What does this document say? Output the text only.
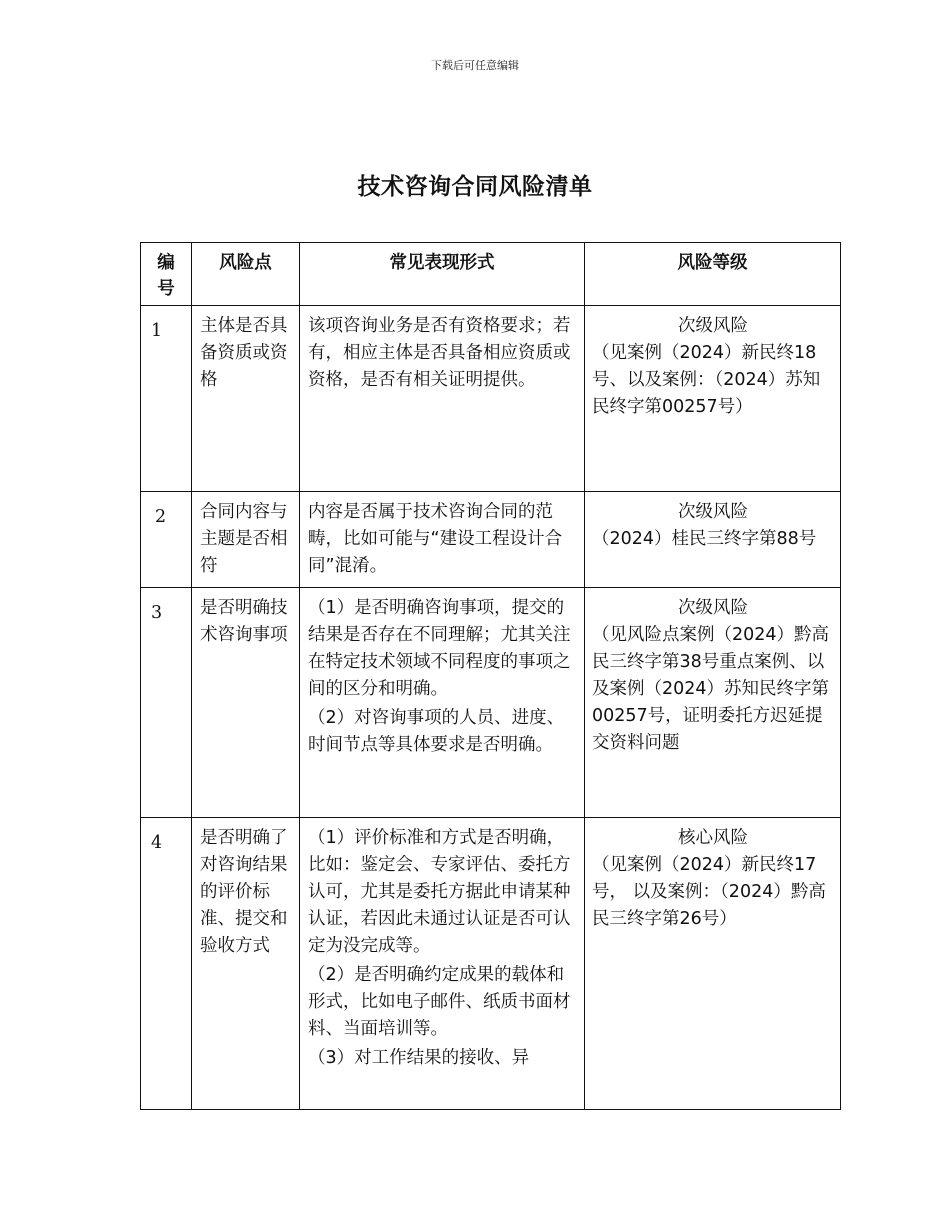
下载后可任意编辑
技术咨询合同风险清单
编号	风险点	常见表现形式	风险等级
1	主体是否具备资质或资格	该项咨询业务是否有资格要求；若有，相应主体是否具备相应资质或资格，是否有相关证明提供。	次级风险
（见案例（2024）新民终18号、以及案例：（2024）苏知民终字第00257号）

2	合同内容与主题是否相符	内容是否属于技术咨询合同的范畴，比如可能与“建设工程设计合同”混淆。	次级风险
（2024）桂民三终字第88号

3	是否明确技术咨询事项	（1）是否明确咨询事项，提交的结果是否存在不同理解；尤其关注在特定技术领域不同程度的事项之间的区分和明确。
（2）对咨询事项的人员、进度、时间节点等具体要求是否明确。	次级风险
（见风险点案例（2024）黔高民三终字第38号重点案例、以及案例（2024）苏知民终字第00257号，证明委托方迟延提交资料问题

4	是否明确了对咨询结果的评价标准、提交和验收方式	（1）评价标准和方式是否明确，比如：鉴定会、专家评估、委托方认可，尤其是委托方据此申请某种认证，若因此未通过认证是否可认定为没完成等。
（2）是否明确约定成果的载体和形式，比如电子邮件、纸质书面材料、当面培训等。
（3）对工作结果的接收、异	核心风险
（见案例（2024）新民终17号， 以及案例：（2024）黔高民三终字第26号）
